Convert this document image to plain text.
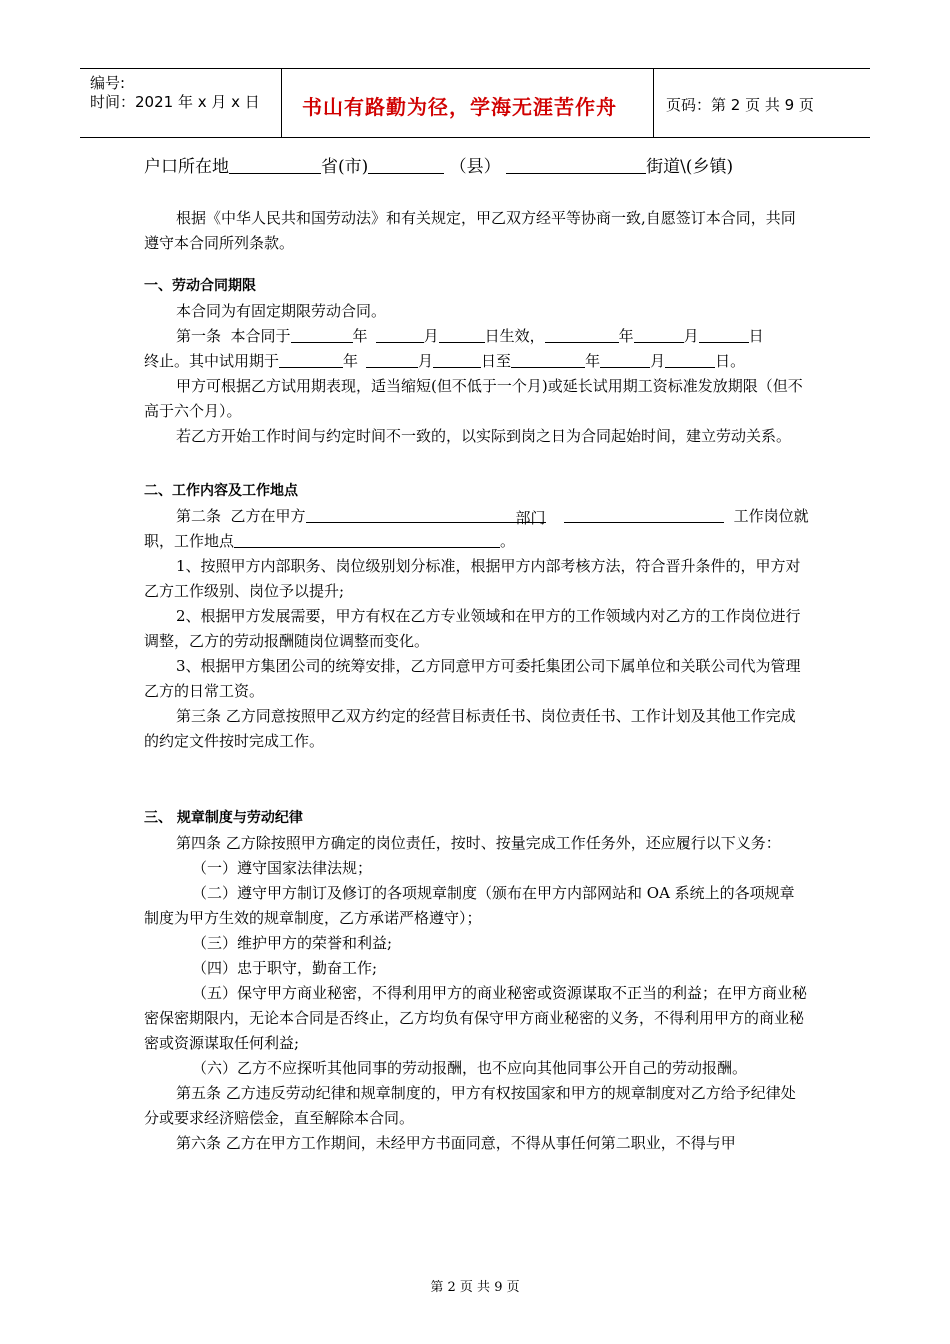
编号:
时间：2021 年 x 月 x 日 书山有路勤为径，学海无涯苦作舟	页码：第 2 页 共 9 页
户口所在地	省(市)	（县）	街道\(乡镇)
根据《中华人民共和国劳动法》和有关规定，甲乙双方经平等协商一致,自愿签订本合同，共同遵守本合同所列条款。
一、劳动合同期限
本合同为有固定期限劳动合同。
第一条  本合同于	年	月	日生效，	年	月	日
终止。其中试用期于	年	月	日至	年	月	日。
甲方可根据乙方试用期表现，适当缩短(但不低于一个月)或延长试用期工资标准发放期限（但不高于六个月）。
若乙方开始工作时间与约定时间不一致的，以实际到岗之日为合同起始时间，建立劳动关系。
二、工作内容及工作地点
第二条  乙方在甲方	部门	工作岗位就
职，工作地点	。
1、按照甲方内部职务、岗位级别划分标准，根据甲方内部考核方法，符合晋升条件的，甲方对乙方工作级别、岗位予以提升;
2、根据甲方发展需要，甲方有权在乙方专业领域和在甲方的工作领域内对乙方的工作岗位进行调整，乙方的劳动报酬随岗位调整而变化。
3、根据甲方集团公司的统筹安排，乙方同意甲方可委托集团公司下属单位和关联公司代为管理乙方的日常工资。
第三条 乙方同意按照甲乙双方约定的经营目标责任书、岗位责任书、工作计划及其他工作完成的约定文件按时完成工作。
三、 规章制度与劳动纪律
第四条 乙方除按照甲方确定的岗位责任，按时、按量完成工作任务外，还应履行以下义务：
（一）遵守国家法律法规；
（二）遵守甲方制订及修订的各项规章制度（颁布在甲方内部网站和 OA 系统上的各项规章制度为甲方生效的规章制度，乙方承诺严格遵守）；
（三）维护甲方的荣誉和利益;
（四）忠于职守，勤奋工作;
（五）保守甲方商业秘密，不得利用甲方的商业秘密或资源谋取不正当的利益；在甲方商业秘密保密期限内，无论本合同是否终止，乙方均负有保守甲方商业秘密的义务，不得利用甲方的商业秘密或资源谋取任何利益;
（六）乙方不应探听其他同事的劳动报酬，也不应向其他同事公开自己的劳动报酬。
第五条 乙方违反劳动纪律和规章制度的，甲方有权按国家和甲方的规章制度对乙方给予纪律处分或要求经济赔偿金，直至解除本合同。
第六条 乙方在甲方工作期间，未经甲方书面同意，不得从事任何第二职业，不得与甲
第 2 页 共 9 页
